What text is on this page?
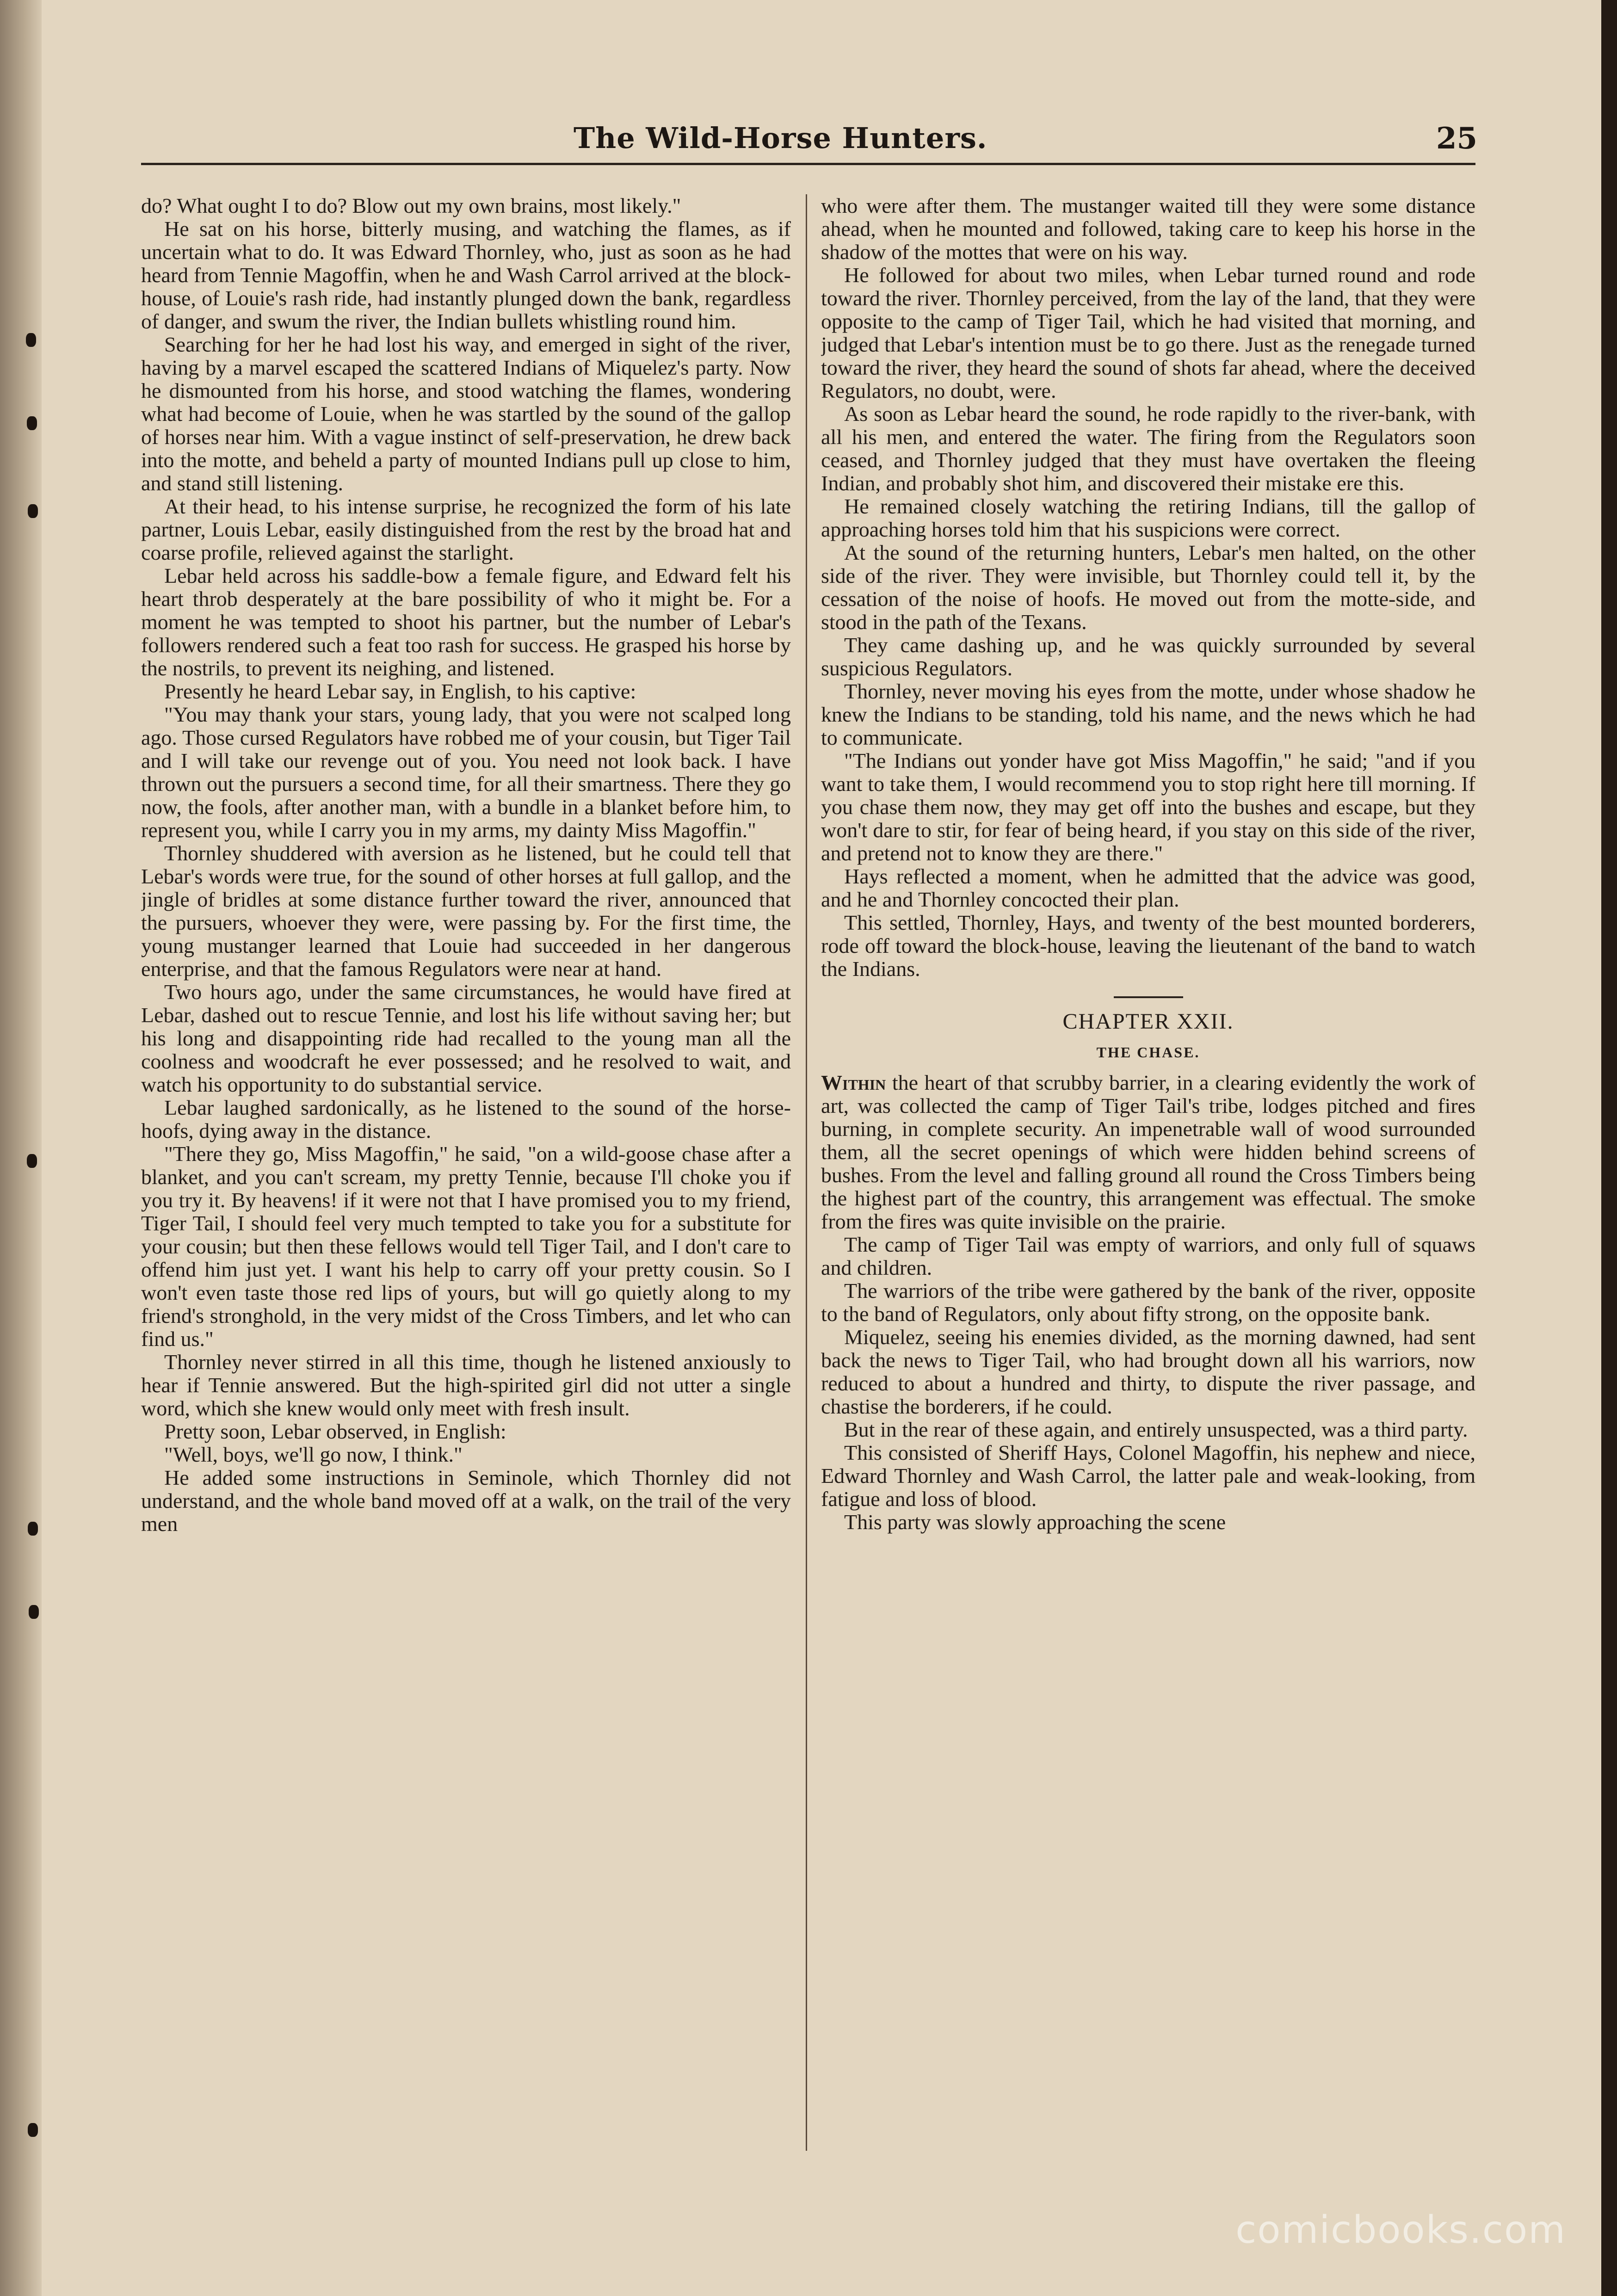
The Wild-Horse Hunters.	25

do? What ought I to do? Blow out my own brains, most likely."

He sat on his horse, bitterly musing, and watching the flames, as if uncertain what to do. It was Edward Thornley, who, just as soon as he had heard from Tennie Magoffin, when he and Wash Carrol arrived at the block-house, of Louie's rash ride, had instantly plunged down the bank, regardless of danger, and swum the river, the Indian bullets whistling round him.

Searching for her he had lost his way, and emerged in sight of the river, having by a marvel escaped the scattered Indians of Miquelez's party. Now he dismounted from his horse, and stood watching the flames, wondering what had become of Louie, when he was startled by the sound of the gallop of horses near him. With a vague instinct of self-preservation, he drew back into the motte, and beheld a party of mounted Indians pull up close to him, and stand still listening.

At their head, to his intense surprise, he recognized the form of his late partner, Louis Lebar, easily distinguished from the rest by the broad hat and coarse profile, relieved against the starlight.

Lebar held across his saddle-bow a female figure, and Edward felt his heart throb desperately at the bare possibility of who it might be. For a moment he was tempted to shoot his partner, but the number of Lebar's followers rendered such a feat too rash for success. He grasped his horse by the nostrils, to prevent its neighing, and listened.

Presently he heard Lebar say, in English, to his captive:

"You may thank your stars, young lady, that you were not scalped long ago. Those cursed Regulators have robbed me of your cousin, but Tiger Tail and I will take our revenge out of you. You need not look back. I have thrown out the pursuers a second time, for all their smartness. There they go now, the fools, after another man, with a bundle in a blanket before him, to represent you, while I carry you in my arms, my dainty Miss Magoffin."

Thornley shuddered with aversion as he listened, but he could tell that Lebar's words were true, for the sound of other horses at full gallop, and the jingle of bridles at some distance further toward the river, announced that the pursuers, whoever they were, were passing by. For the first time, the young mustanger learned that Louie had succeeded in her dangerous enterprise, and that the famous Regulators were near at hand.

Two hours ago, under the same circumstances, he would have fired at Lebar, dashed out to rescue Tennie, and lost his life without saving her; but his long and disappointing ride had recalled to the young man all the coolness and woodcraft he ever possessed; and he resolved to wait, and watch his opportunity to do substantial service.

Lebar laughed sardonically, as he listened to the sound of the horse-hoofs, dying away in the distance.

"There they go, Miss Magoffin," he said, "on a wild-goose chase after a blanket, and you can't scream, my pretty Tennie, because I'll choke you if you try it. By heavens! if it were not that I have promised you to my friend, Tiger Tail, I should feel very much tempted to take you for a substitute for your cousin; but then these fellows would tell Tiger Tail, and I don't care to offend him just yet. I want his help to carry off your pretty cousin. So I won't even taste those red lips of yours, but will go quietly along to my friend's stronghold, in the very midst of the Cross Timbers, and let who can find us."

Thornley never stirred in all this time, though he listened anxiously to hear if Tennie answered. But the high-spirited girl did not utter a single word, which she knew would only meet with fresh insult.

Pretty soon, Lebar observed, in English:

"Well, boys, we'll go now, I think."

He added some instructions in Seminole, which Thornley did not understand, and the whole band moved off at a walk, on the trail of the very men

who were after them. The mustanger waited till they were some distance ahead, when he mounted and followed, taking care to keep his horse in the shadow of the mottes that were on his way.

He followed for about two miles, when Lebar turned round and rode toward the river. Thornley perceived, from the lay of the land, that they were opposite to the camp of Tiger Tail, which he had visited that morning, and judged that Lebar's intention must be to go there. Just as the renegade turned toward the river, they heard the sound of shots far ahead, where the deceived Regulators, no doubt, were.

As soon as Lebar heard the sound, he rode rapidly to the river-bank, with all his men, and entered the water. The firing from the Regulators soon ceased, and Thornley judged that they must have overtaken the fleeing Indian, and probably shot him, and discovered their mistake ere this.

He remained closely watching the retiring Indians, till the gallop of approaching horses told him that his suspicions were correct.

At the sound of the returning hunters, Lebar's men halted, on the other side of the river. They were invisible, but Thornley could tell it, by the cessation of the noise of hoofs. He moved out from the motte-side, and stood in the path of the Texans.

They came dashing up, and he was quickly surrounded by several suspicious Regulators.

Thornley, never moving his eyes from the motte, under whose shadow he knew the Indians to be standing, told his name, and the news which he had to communicate.

"The Indians out yonder have got Miss Magoffin," he said; "and if you want to take them, I would recommend you to stop right here till morning. If you chase them now, they may get off into the bushes and escape, but they won't dare to stir, for fear of being heard, if you stay on this side of the river, and pretend not to know they are there."

Hays reflected a moment, when he admitted that the advice was good, and he and Thornley concocted their plan.

This settled, Thornley, Hays, and twenty of the best mounted borderers, rode off toward the block-house, leaving the lieutenant of the band to watch the Indians.

CHAPTER XXII.
THE CHASE.

Within the heart of that scrubby barrier, in a clearing evidently the work of art, was collected the camp of Tiger Tail's tribe, lodges pitched and fires burning, in complete security. An impenetrable wall of wood surrounded them, all the secret openings of which were hidden behind screens of bushes. From the level and falling ground all round the Cross Timbers being the highest part of the country, this arrangement was effectual. The smoke from the fires was quite invisible on the prairie.

The camp of Tiger Tail was empty of warriors, and only full of squaws and children.

The warriors of the tribe were gathered by the bank of the river, opposite to the band of Regulators, only about fifty strong, on the opposite bank.

Miquelez, seeing his enemies divided, as the morning dawned, had sent back the news to Tiger Tail, who had brought down all his warriors, now reduced to about a hundred and thirty, to dispute the river passage, and chastise the borderers, if he could.

But in the rear of these again, and entirely unsuspected, was a third party.

This consisted of Sheriff Hays, Colonel Magoffin, his nephew and niece, Edward Thornley and Wash Carrol, the latter pale and weak-looking, from fatigue and loss of blood.

This party was slowly approaching the scene

comicbooks.com
